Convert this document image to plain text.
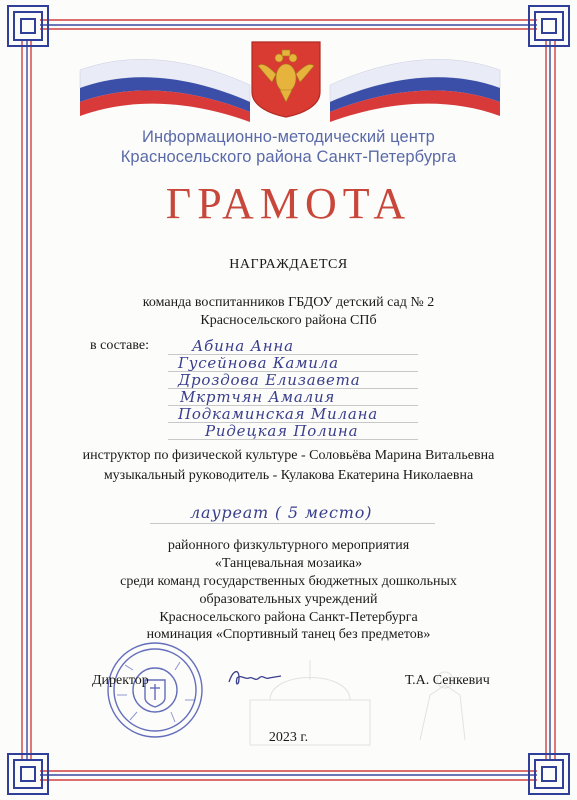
Информационно-методический центр
Красносельского района Санкт-Петербурга
ГРАМОТА
НАГРАЖДАЕТСЯ
команда воспитанников ГБДОУ детский сад № 2
Красносельского района СПб
в составе:	Абина Анна
Гусейнова Камила
Дроздова Елизавета
Мкртчян Амалия
Подкаминская Милана
Ридецкая Полина
инструктор по физической культуре - Соловьёва Марина Витальевна
музыкальный руководитель - Кулакова Екатерина Николаевна
лауреат ( 5 место)
районного физкультурного мероприятия
«Танцевальная мозаика»
среди команд государственных бюджетных дошкольных
образовательных учреждений
Красносельского района Санкт-Петербурга
номинация «Спортивный танец без предметов»
Директор	Т.А. Сенкевич
2023 г.
